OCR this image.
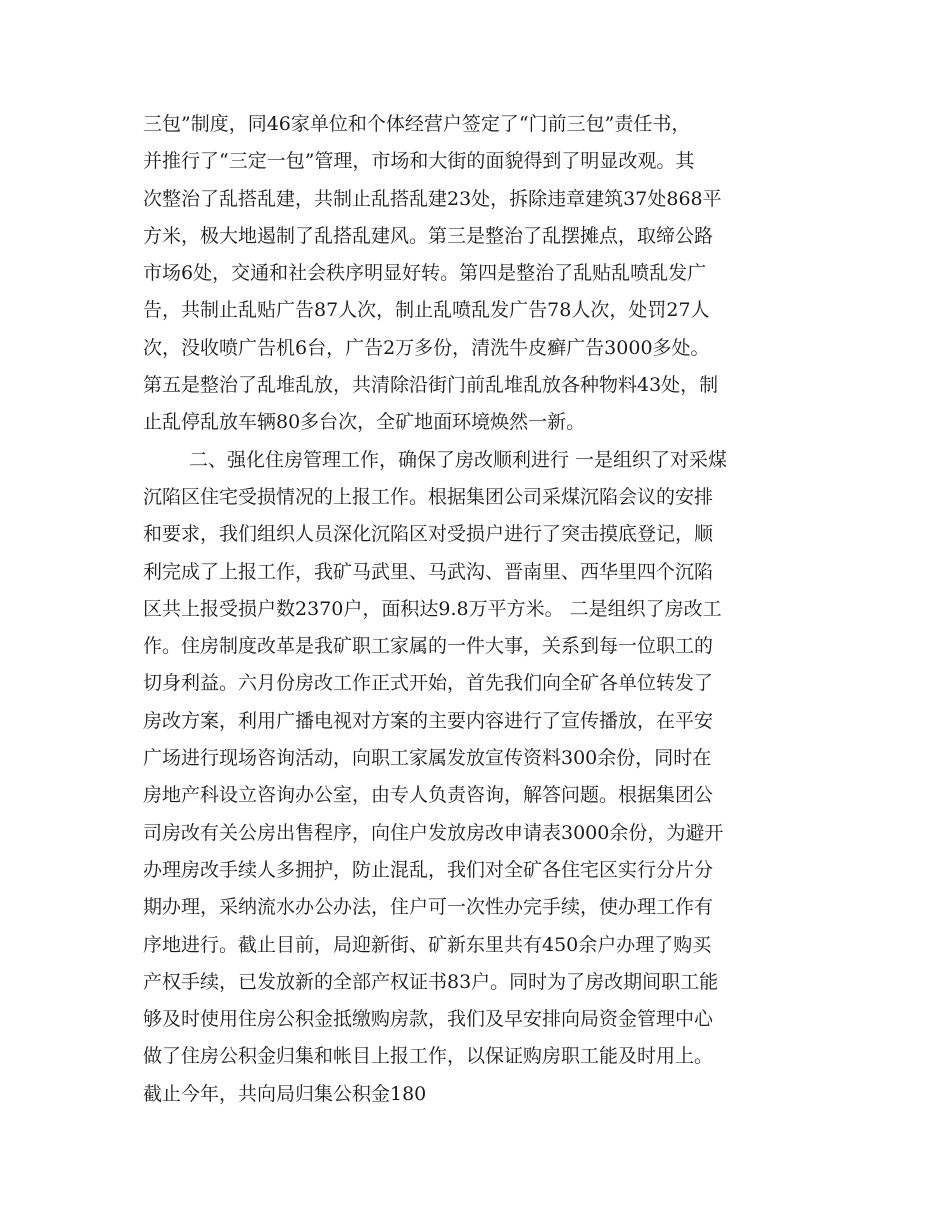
三包”制度，同46家单位和个体经营户签定了“门前三包”责任书，
并推行了“三定一包”管理，市场和大街的面貌得到了明显改观。其
次整治了乱搭乱建，共制止乱搭乱建23处，拆除违章建筑37处868平
方米，极大地遏制了乱搭乱建风。第三是整治了乱摆摊点，取缔公路
市场6处，交通和社会秩序明显好转。第四是整治了乱贴乱喷乱发广
告，共制止乱贴广告87人次，制止乱喷乱发广告78人次，处罚27人
次，没收喷广告机6台，广告2万多份，清洗牛皮癣广告3000多处。
第五是整治了乱堆乱放，共清除沿街门前乱堆乱放各种物料43处，制
止乱停乱放车辆80多台次，全矿地面环境焕然一新。
二、强化住房管理工作，确保了房改顺利进行 一是组织了对采煤
沉陷区住宅受损情况的上报工作。根据集团公司采煤沉陷会议的安排
和要求，我们组织人员深化沉陷区对受损户进行了突击摸底登记，顺
利完成了上报工作，我矿马武里、马武沟、晋南里、西华里四个沉陷
区共上报受损户数2370户，面积达9.8万平方米。 二是组织了房改工
作。住房制度改革是我矿职工家属的一件大事，关系到每一位职工的
切身利益。六月份房改工作正式开始，首先我们向全矿各单位转发了
房改方案，利用广播电视对方案的主要内容进行了宣传播放，在平安
广场进行现场咨询活动，向职工家属发放宣传资料300余份，同时在
房地产科设立咨询办公室，由专人负责咨询，解答问题。根据集团公
司房改有关公房出售程序，向住户发放房改申请表3000余份，为避开
办理房改手续人多拥护，防止混乱，我们对全矿各住宅区实行分片分
期办理，采纳流水办公办法，住户可一次性办完手续，使办理工作有
序地进行。截止目前，局迎新街、矿新东里共有450余户办理了购买
产权手续，已发放新的全部产权证书83户。同时为了房改期间职工能
够及时使用住房公积金抵缴购房款，我们及早安排向局资金管理中心
做了住房公积金归集和帐目上报工作，以保证购房职工能及时用上。
截止今年，共向局归集公积金180
